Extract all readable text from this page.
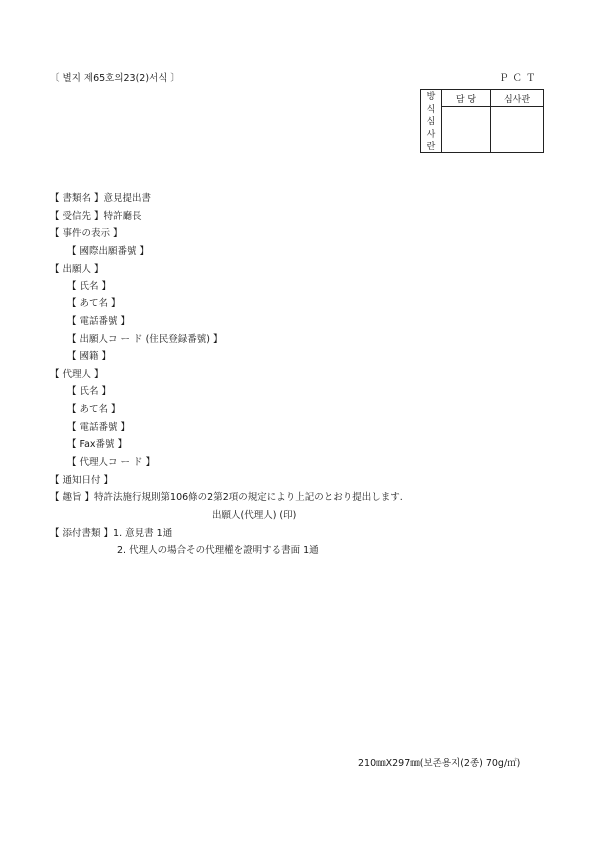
〔 별지 제65호의23(2)서식 〕	ＰＣＴ
방
식
심
사
란
담 당	심사관
【 書類名 】意見提出書
【 受信先 】特許廳長
【 事件の表示 】
【 國際出願番號 】
【 出願人 】
【 氏名 】
【 あて名 】
【 電話番號 】
【 出願人コ ー ド (住民登録番號) 】
【 國籍 】
【 代理人 】
【 氏名 】
【 あて名 】
【 電話番號 】
【 Fax番號 】
【 代理人コ ー ド 】
【 通知日付 】
【 趣旨 】特許法施行規則第106條の2第2項の規定により上記のとおり提出します.
出願人(代理人) (印)
【 添付書類 】1. 意見書 1通
2. 代理人の場合その代理權を證明する書面 1通
210㎜X297㎜(보존용지(2종) 70g/㎡)
